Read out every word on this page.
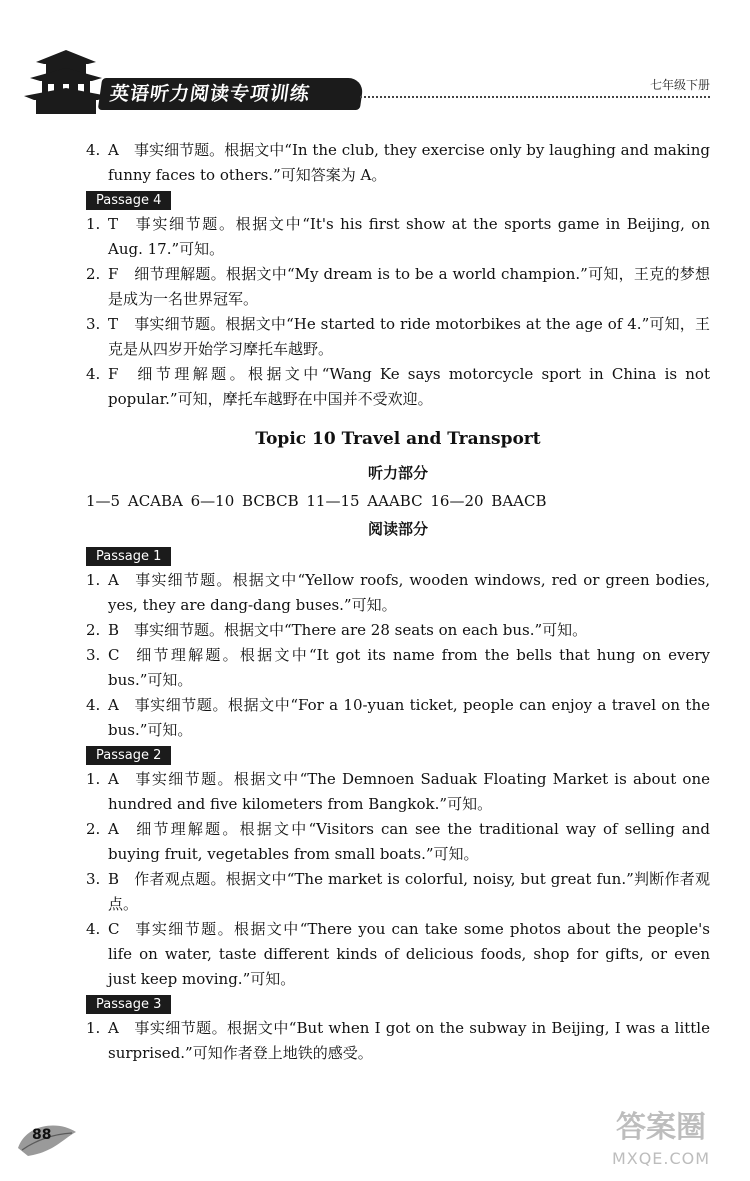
英语听力阅读专项训练	七年级下册

4. A 事实细节题。根据文中“In the club, they exercise only by laughing and making funny faces to others.”可知答案为 A。

Passage 4

1. T 事实细节题。根据文中“It's his first show at the sports game in Beijing, on Aug. 17.”可知。

2. F 细节理解题。根据文中“My dream is to be a world champion.”可知，王克的梦想是成为一名世界冠军。

3. T 事实细节题。根据文中“He started to ride motorbikes at the age of 4.”可知，王克是从四岁开始学习摩托车越野。

4. F 细节理解题。根据文中“Wang Ke says motorcycle sport in China is not popular.”可知，摩托车越野在中国并不受欢迎。

Topic 10 Travel and Transport
听力部分
1—5 ACABA 6—10 BCBCB 11—15 AAABC 16—20 BAACB
阅读部分
Passage 1

1. A 事实细节题。根据文中“Yellow roofs, wooden windows, red or green bodies, yes, they are dang-dang buses.”可知。

2. B 事实细节题。根据文中“There are 28 seats on each bus.”可知。

3. C 细节理解题。根据文中“It got its name from the bells that hung on every bus.”可知。

4. A 事实细节题。根据文中“For a 10-yuan ticket, people can enjoy a travel on the bus.”可知。

Passage 2

1. A 事实细节题。根据文中“The Demnoen Saduak Floating Market is about one hundred and five kilometers from Bangkok.”可知。

2. A 细节理解题。根据文中“Visitors can see the traditional way of selling and buying fruit, vegetables from small boats.”可知。

3. B 作者观点题。根据文中“The market is colorful, noisy, but great fun.”判断作者观点。

4. C 事实细节题。根据文中“There you can take some photos about the people's life on water, taste different kinds of delicious foods, shop for gifts, or even just keep moving.”可知。

Passage 3

1. A 事实细节题。根据文中“But when I got on the subway in Beijing, I was a little surprised.”可知作者登上地铁的感受。

88	答案圈
MXQE.COM
